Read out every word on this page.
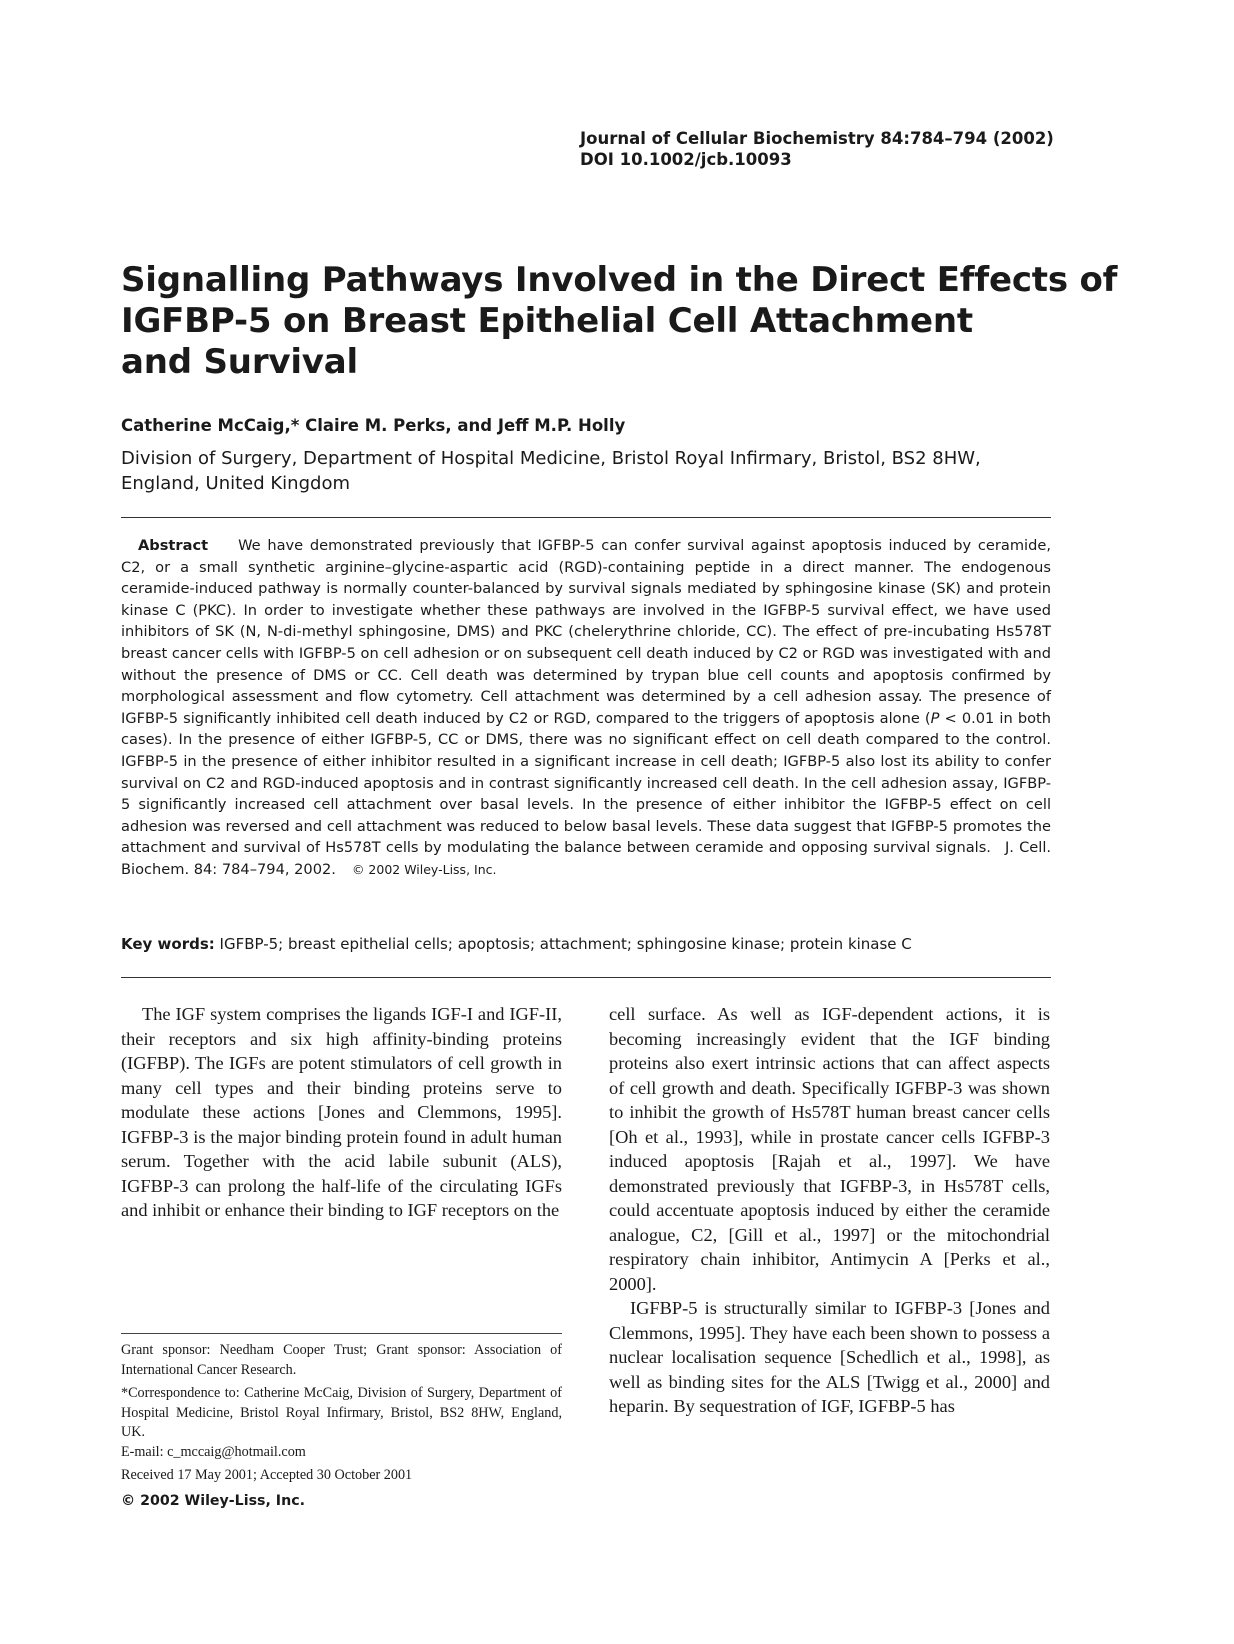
Journal of Cellular Biochemistry 84:784–794 (2002)
DOI 10.1002/jcb.10093
Signalling Pathways Involved in the Direct Effects of
IGFBP-5 on Breast Epithelial Cell Attachment
and Survival
Catherine McCaig,* Claire M. Perks, and Jeff M.P. Holly
Division of Surgery, Department of Hospital Medicine, Bristol Royal Infirmary, Bristol, BS2 8HW, England, United Kingdom
Abstract We have demonstrated previously that IGFBP-5 can confer survival against apoptosis induced by ceramide, C2, or a small synthetic arginine–glycine-aspartic acid (RGD)-containing peptide in a direct manner. The endogenous ceramide-induced pathway is normally counter-balanced by survival signals mediated by sphingosine kinase (SK) and protein kinase C (PKC). In order to investigate whether these pathways are involved in the IGFBP-5 survival effect, we have used inhibitors of SK (N, N-di-methyl sphingosine, DMS) and PKC (chelerythrine chloride, CC). The effect of pre-incubating Hs578T breast cancer cells with IGFBP-5 on cell adhesion or on subsequent cell death induced by C2 or RGD was investigated with and without the presence of DMS or CC. Cell death was determined by trypan blue cell counts and apoptosis confirmed by morphological assessment and flow cytometry. Cell attachment was determined by a cell adhesion assay. The presence of IGFBP-5 significantly inhibited cell death induced by C2 or RGD, compared to the triggers of apoptosis alone (P < 0.01 in both cases). In the presence of either IGFBP-5, CC or DMS, there was no significant effect on cell death compared to the control. IGFBP-5 in the presence of either inhibitor resulted in a significant increase in cell death; IGFBP-5 also lost its ability to confer survival on C2 and RGD-induced apoptosis and in contrast significantly increased cell death. In the cell adhesion assay, IGFBP-5 significantly increased cell attachment over basal levels. In the presence of either inhibitor the IGFBP-5 effect on cell adhesion was reversed and cell attachment was reduced to below basal levels. These data suggest that IGFBP-5 promotes the attachment and survival of Hs578T cells by modulating the balance between ceramide and opposing survival signals. J. Cell. Biochem. 84: 784–794, 2002. © 2002 Wiley-Liss, Inc.
Key words: IGFBP-5; breast epithelial cells; apoptosis; attachment; sphingosine kinase; protein kinase C

The IGF system comprises the ligands IGF-I and IGF-II, their receptors and six high affinity-binding proteins (IGFBP). The IGFs are potent stimulators of cell growth in many cell types and their binding proteins serve to modulate these actions [Jones and Clemmons, 1995]. IGFBP-3 is the major binding protein found in adult human serum. Together with the acid labile subunit (ALS), IGFBP-3 can prolong the half-life of the circulating IGFs and inhibit or enhance their binding to IGF receptors on the

cell surface. As well as IGF-dependent actions, it is becoming increasingly evident that the IGF binding proteins also exert intrinsic actions that can affect aspects of cell growth and death. Specifically IGFBP-3 was shown to inhibit the growth of Hs578T human breast cancer cells [Oh et al., 1993], while in prostate cancer cells IGFBP-3 induced apoptosis [Rajah et al., 1997]. We have demonstrated previously that IGFBP-3, in Hs578T cells, could accentuate apoptosis induced by either the ceramide analogue, C2, [Gill et al., 1997] or the mitochondrial respiratory chain inhibitor, Antimycin A [Perks et al., 2000].

IGFBP-5 is structurally similar to IGFBP-3 [Jones and Clemmons, 1995]. They have each been shown to possess a nuclear localisation sequence [Schedlich et al., 1998], as well as binding sites for the ALS [Twigg et al., 2000] and heparin. By sequestration of IGF, IGFBP-5 has

Grant sponsor: Needham Cooper Trust; Grant sponsor: Association of International Cancer Research.

*Correspondence to: Catherine McCaig, Division of Surgery, Department of Hospital Medicine, Bristol Royal Infirmary, Bristol, BS2 8HW, England, UK.
E-mail: c_mccaig@hotmail.com

Received 17 May 2001; Accepted 30 October 2001

© 2002 Wiley-Liss, Inc.
